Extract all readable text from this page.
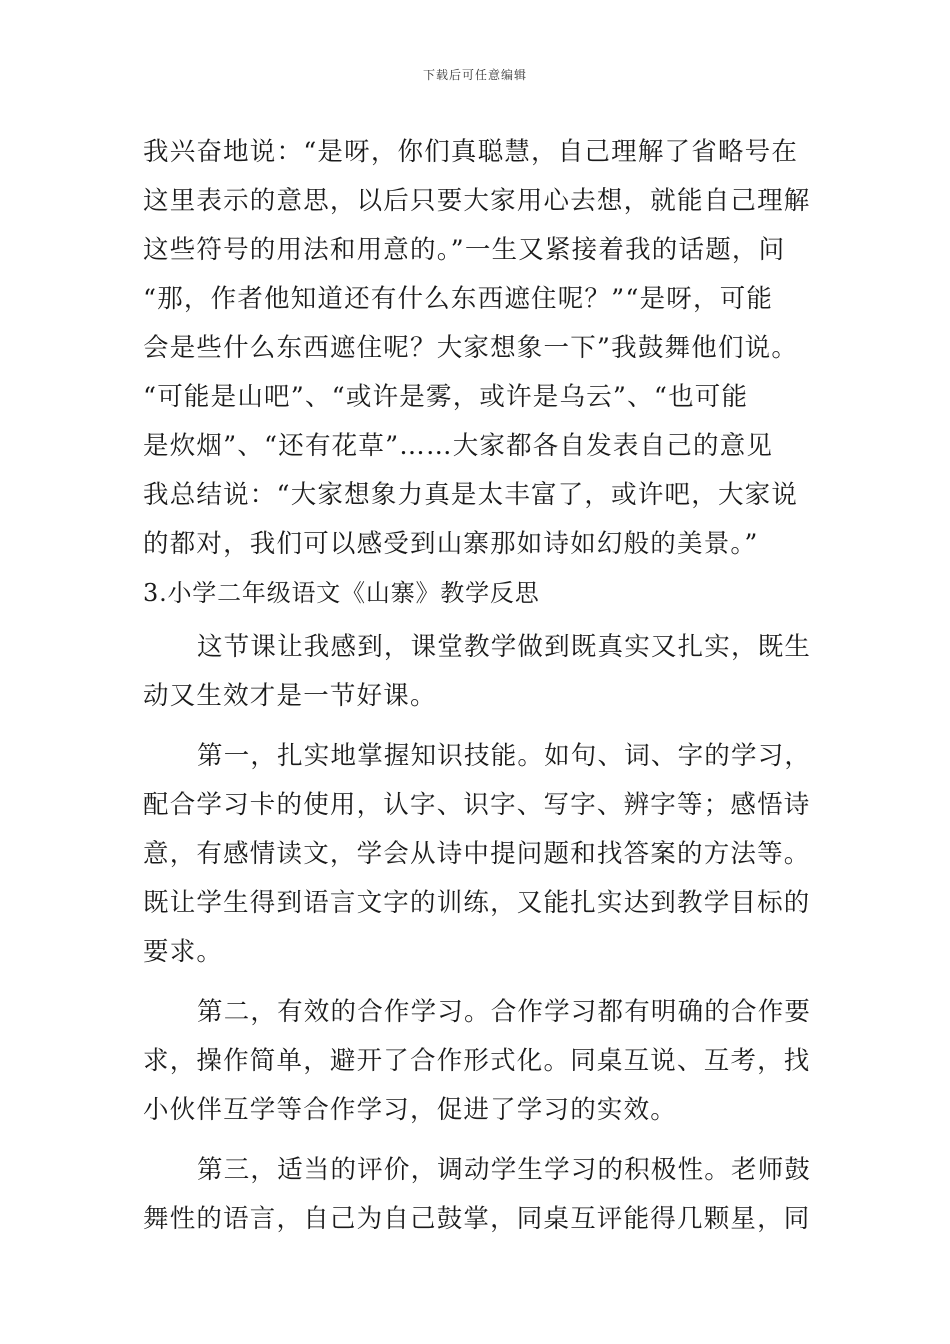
下载后可任意编辑
我兴奋地说：“是呀，你们真聪慧，自己理解了省略号在
这里表示的意思，以后只要大家用心去想，就能自己理解
这些符号的用法和用意的。”一生又紧接着我的话题，问
“那，作者他知道还有什么东西遮住呢？”“是呀，可能
会是些什么东西遮住呢？大家想象一下”我鼓舞他们说。
“可能是山吧”、“或许是雾，或许是乌云”、“也可能
是炊烟”、“还有花草”……大家都各自发表自己的意见
我总结说：“大家想象力真是太丰富了，或许吧，大家说
的都对，我们可以感受到山寨那如诗如幻般的美景。”
3.小学二年级语文《山寨》教学反思
这节课让我感到，课堂教学做到既真实又扎实，既生
动又生效才是一节好课。
第一，扎实地掌握知识技能。如句、词、字的学习，
配合学习卡的使用，认字、识字、写字、辨字等；感悟诗
意，有感情读文，学会从诗中提问题和找答案的方法等。
既让学生得到语言文字的训练，又能扎实达到教学目标的
要求。
第二，有效的合作学习。合作学习都有明确的合作要
求，操作简单，避开了合作形式化。同桌互说、互考，找
小伙伴互学等合作学习，促进了学习的实效。
第三，适当的评价，调动学生学习的积极性。老师鼓
舞性的语言，自己为自己鼓掌，同桌互评能得几颗星，同
